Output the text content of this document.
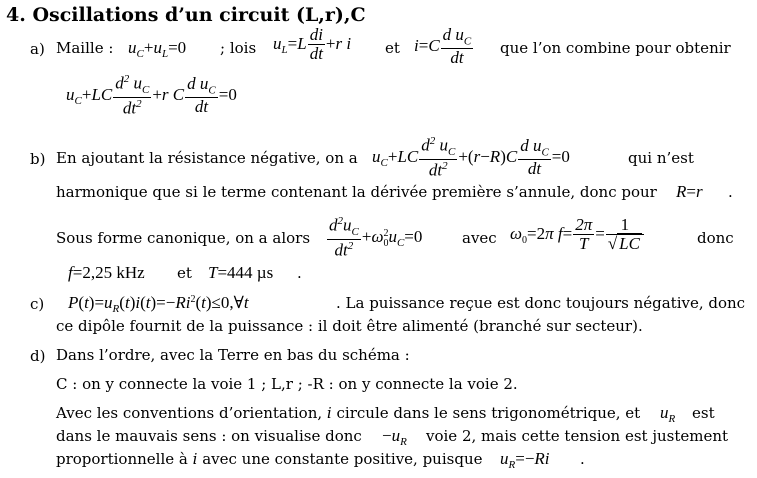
4. Oscillations d’un circuit (L,r),C
a) Maille : $u_C+u_L=0$ ; lois $u_L=L \frac{di}{dt} +r$ i et $i=C \frac{d u_C}{dt}$ que l’on combine pour obtenir
$u_C+LC \frac{d^2 u_C}{dt^2} +r$ C $\frac{d u_C}{dt} =0$
b) En ajoutant la résistance négative, on a $u_C+LC \frac{d^2 u_C}{dt^2} +(r-R)C \frac{d u_C}{dt} =0$	qui n’est
harmonique que si le terme contenant la dérivée première s’annule, donc pour R=r .
Sous forme canonique, on a alors $\frac{d^2u_C}{dt^2} +\omega^2_0u_C=0$	avec $\omega_0=2\pi$ $f= \frac{2\pi}{T} = \frac{1}{√ LC}$	donc
f=2,25 kHz et T=444 µs .
c) $P(t)=u_R(t)i(t)=-Ri^2(t)\le 0,\forall t$	. La puissance reçue est donc toujours négative, donc
ce dipôle fournit de la puissance : il doit être alimenté (branché sur secteur).
d) Dans l’ordre, avec la Terre en bas du schéma :
C : on y connecte la voie 1 ; L,r ; -R : on y connecte la voie 2.
Avec les conventions d’orientation, i circule dans le sens trigonométrique, et $u_R$ est
dans le mauvais sens : on visualise donc $-u_R$ voie 2, mais cette tension est justement
proportionnelle à i avec une constante positive, puisque $u_R=-Ri$ .
